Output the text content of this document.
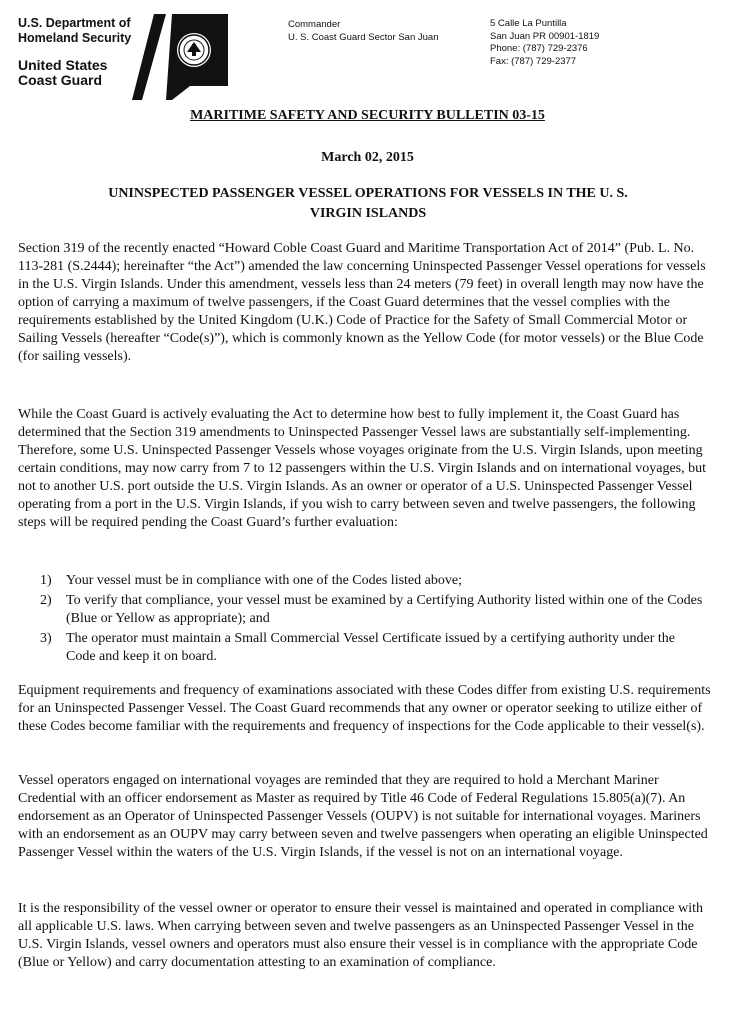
U.S. Department of
Homeland Security
United States
Coast Guard
Commander
U. S. Coast Guard Sector San Juan
5 Calle La Puntilla
San Juan PR 00901-1819
Phone: (787) 729-2376
Fax: (787) 729-2377
MARITIME SAFETY AND SECURITY BULLETIN 03-15
March 02, 2015
UNINSPECTED PASSENGER VESSEL OPERATIONS FOR VESSELS IN THE U. S.
VIRGIN ISLANDS

Section 319 of the recently enacted “Howard Coble Coast Guard and Maritime Transportation Act of 2014” (Pub. L. No. 113-281 (S.2444); hereinafter “the Act”) amended the law concerning Uninspected Passenger Vessel operations for vessels in the U.S. Virgin Islands. Under this amendment, vessels less than 24 meters (79 feet) in overall length may now have the option of carrying a maximum of twelve passengers, if the Coast Guard determines that the vessel complies with the requirements established by the United Kingdom (U.K.) Code of Practice for the Safety of Small Commercial Motor or Sailing Vessels (hereafter “Code(s)”), which is commonly known as the Yellow Code (for motor vessels) or the Blue Code (for sailing vessels).

While the Coast Guard is actively evaluating the Act to determine how best to fully implement it, the Coast Guard has determined that the Section 319 amendments to Uninspected Passenger Vessel laws are substantially self-implementing. Therefore, some U.S. Uninspected Passenger Vessels whose voyages originate from the U.S. Virgin Islands, upon meeting certain conditions, may now carry from 7 to 12 passengers within the U.S. Virgin Islands and on international voyages, but not to another U.S. port outside the U.S. Virgin Islands. As an owner or operator of a U.S. Uninspected Passenger Vessel operating from a port in the U.S. Virgin Islands, if you wish to carry between seven and twelve passengers, the following steps will be required pending the Coast Guard’s further evaluation:

1)	Your vessel must be in compliance with one of the Codes listed above;
2)	To verify that compliance, your vessel must be examined by a Certifying Authority listed within one of the Codes (Blue or Yellow as appropriate); and
3)	The operator must maintain a Small Commercial Vessel Certificate issued by a certifying authority under the Code and keep it on board.

Equipment requirements and frequency of examinations associated with these Codes differ from existing U.S. requirements for an Uninspected Passenger Vessel. The Coast Guard recommends that any owner or operator seeking to utilize either of these Codes become familiar with the requirements and frequency of inspections for the Code applicable to their vessel(s).

Vessel operators engaged on international voyages are reminded that they are required to hold a Merchant Mariner Credential with an officer endorsement as Master as required by Title 46 Code of Federal Regulations 15.805(a)(7). An endorsement as an Operator of Uninspected Passenger Vessels (OUPV) is not suitable for international voyages. Mariners with an endorsement as an OUPV may carry between seven and twelve passengers when operating an eligible Uninspected Passenger Vessel within the waters of the U.S. Virgin Islands, if the vessel is not on an international voyage.

It is the responsibility of the vessel owner or operator to ensure their vessel is maintained and operated in compliance with all applicable U.S. laws. When carrying between seven and twelve passengers as an Uninspected Passenger Vessel in the U.S. Virgin Islands, vessel owners and operators must also ensure their vessel is in compliance with the appropriate Code (Blue or Yellow) and carry documentation attesting to an examination of compliance.
